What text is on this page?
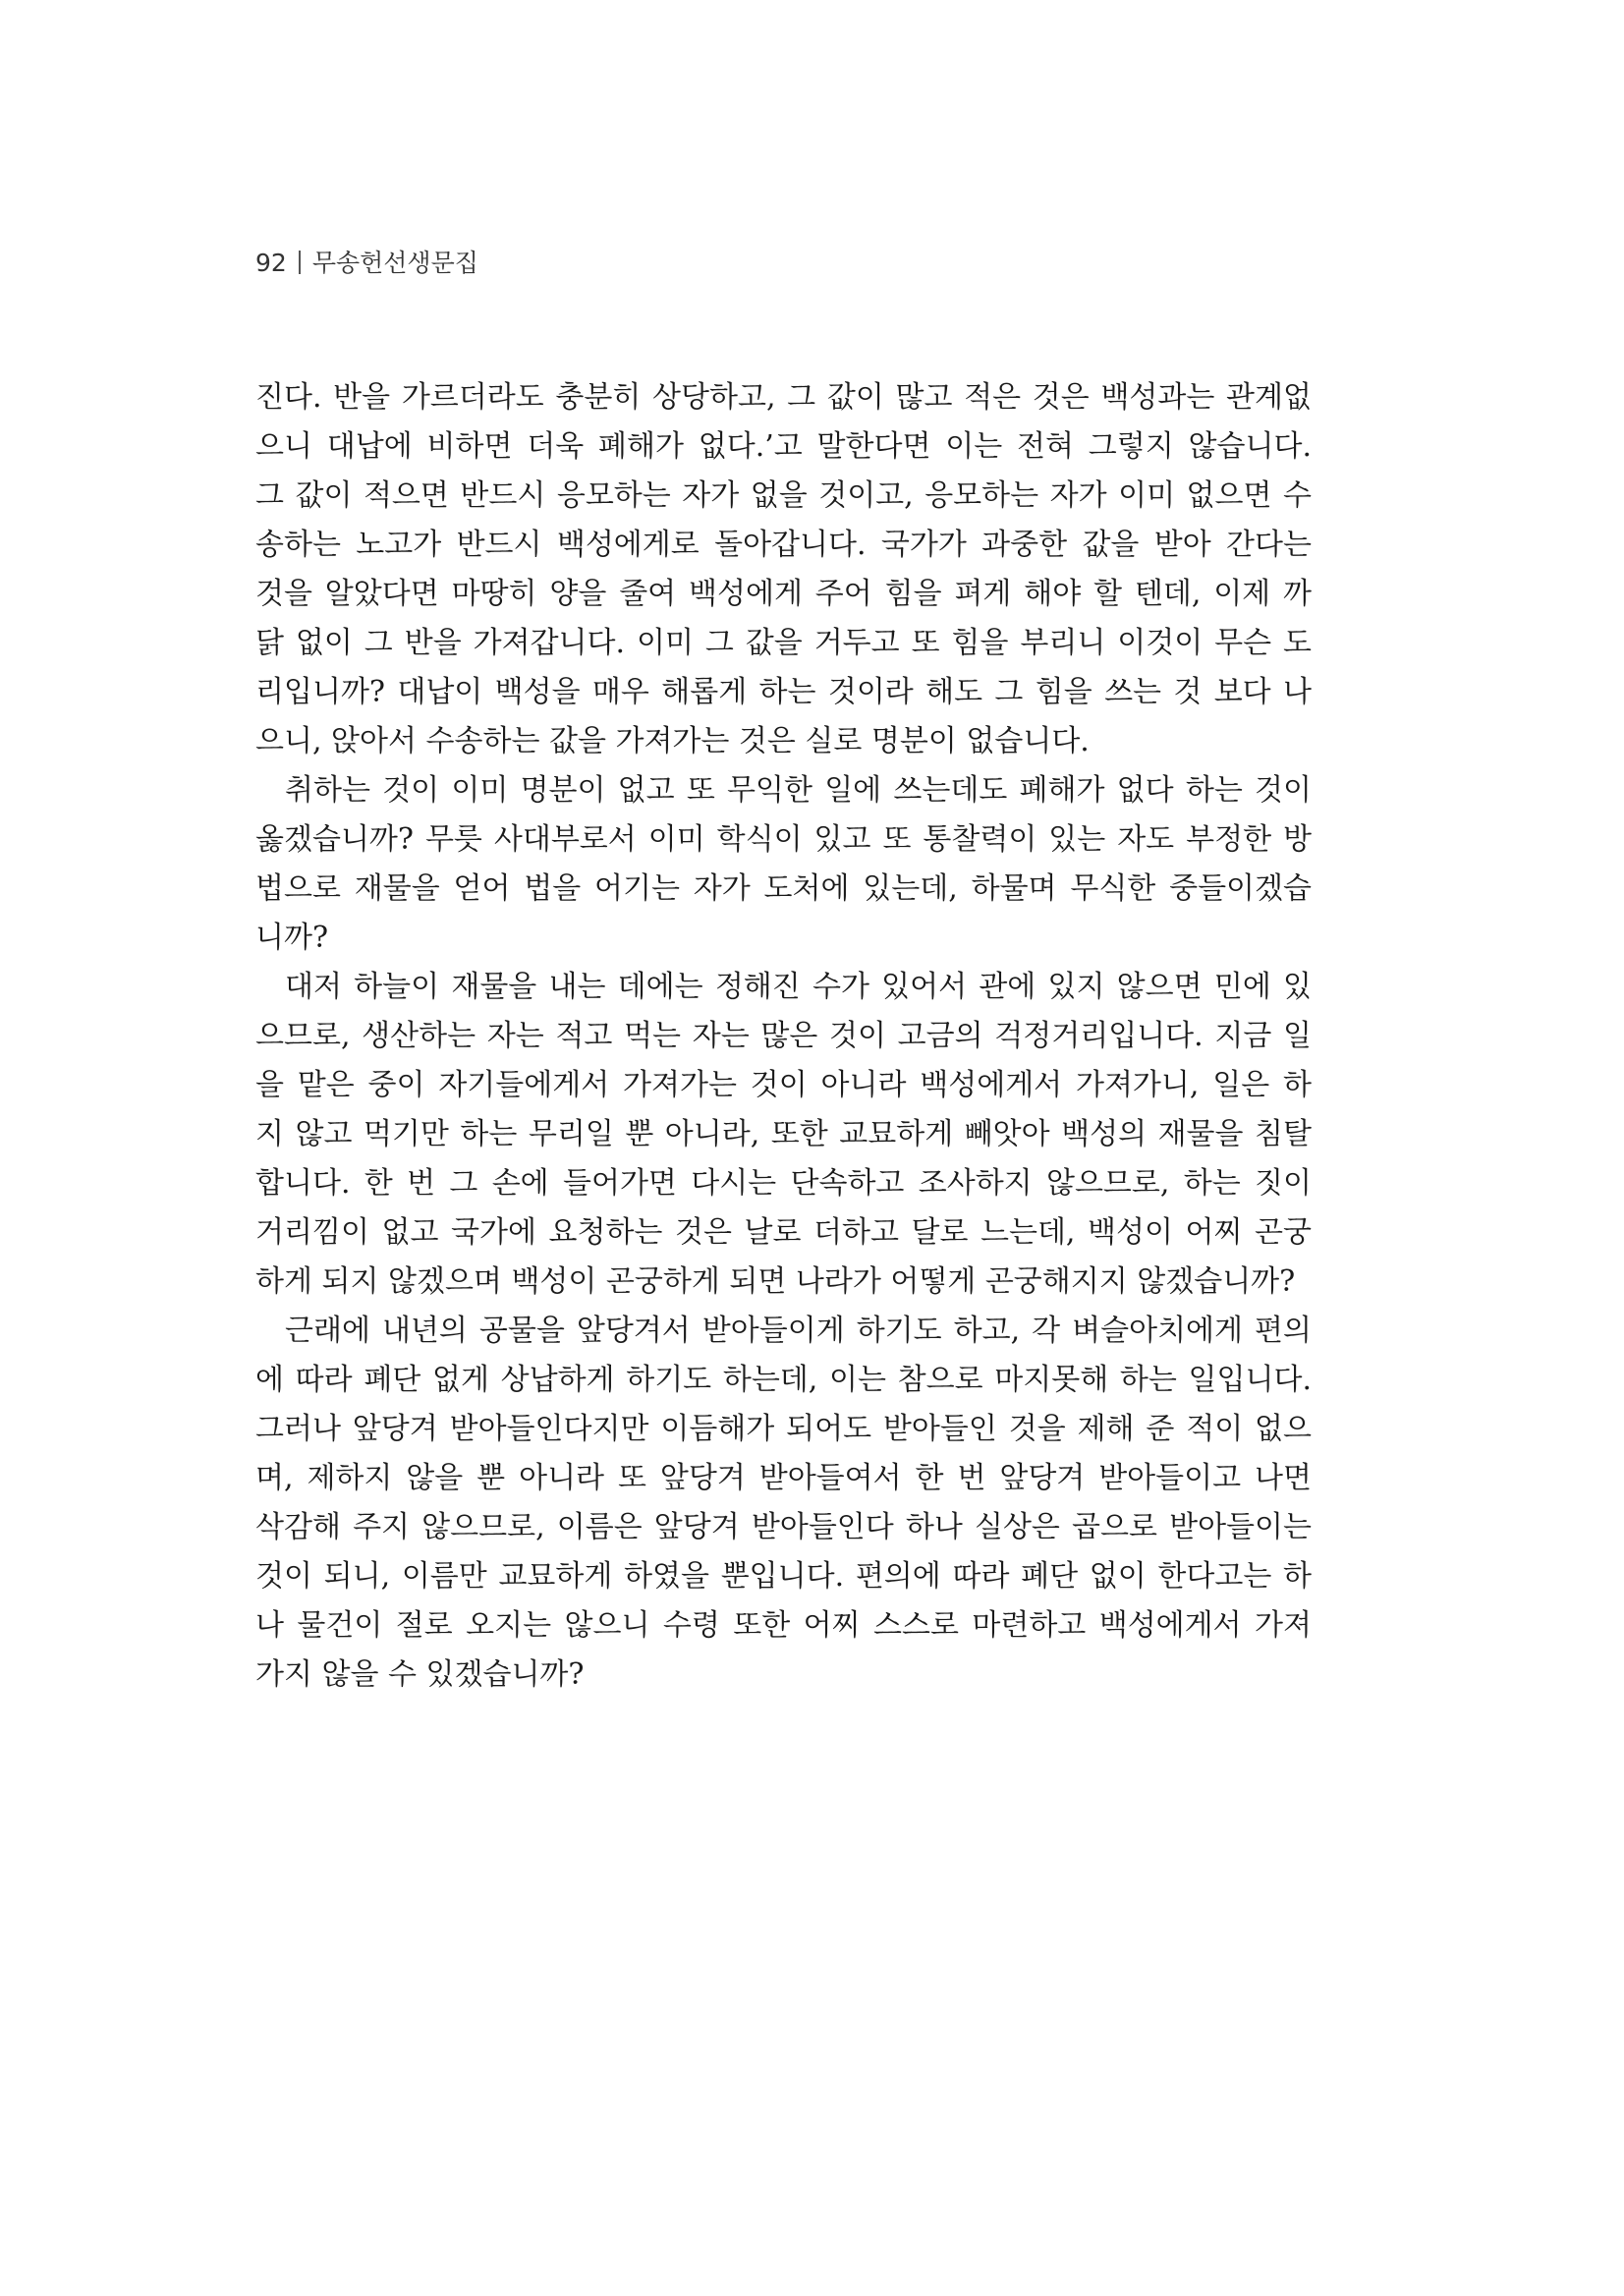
92 무송헌선생문집
진다. 반을 가르더라도 충분히 상당하고, 그 값이 많고 적은 것은 백성과는 관계없
으니 대납에 비하면 더욱 폐해가 없다.’고 말한다면 이는 전혀 그렇지 않습니다.
그 값이 적으면 반드시 응모하는 자가 없을 것이고, 응모하는 자가 이미 없으면 수
송하는 노고가 반드시 백성에게로 돌아갑니다. 국가가 과중한 값을 받아 간다는
것을 알았다면 마땅히 양을 줄여 백성에게 주어 힘을 펴게 해야 할 텐데, 이제 까
닭 없이 그 반을 가져갑니다. 이미 그 값을 거두고 또 힘을 부리니 이것이 무슨 도
리입니까? 대납이 백성을 매우 해롭게 하는 것이라 해도 그 힘을 쓰는 것 보다 나
으니, 앉아서 수송하는 값을 가져가는 것은 실로 명분이 없습니다.
취하는 것이 이미 명분이 없고 또 무익한 일에 쓰는데도 폐해가 없다 하는 것이
옳겠습니까? 무릇 사대부로서 이미 학식이 있고 또 통찰력이 있는 자도 부정한 방
법으로 재물을 얻어 법을 어기는 자가 도처에 있는데, 하물며 무식한 중들이겠습
니까?
대저 하늘이 재물을 내는 데에는 정해진 수가 있어서 관에 있지 않으면 민에 있
으므로, 생산하는 자는 적고 먹는 자는 많은 것이 고금의 걱정거리입니다. 지금 일
을 맡은 중이 자기들에게서 가져가는 것이 아니라 백성에게서 가져가니, 일은 하
지 않고 먹기만 하는 무리일 뿐 아니라, 또한 교묘하게 빼앗아 백성의 재물을 침탈
합니다. 한 번 그 손에 들어가면 다시는 단속하고 조사하지 않으므로, 하는 짓이
거리낌이 없고 국가에 요청하는 것은 날로 더하고 달로 느는데, 백성이 어찌 곤궁
하게 되지 않겠으며 백성이 곤궁하게 되면 나라가 어떻게 곤궁해지지 않겠습니까?
근래에 내년의 공물을 앞당겨서 받아들이게 하기도 하고, 각 벼슬아치에게 편의
에 따라 폐단 없게 상납하게 하기도 하는데, 이는 참으로 마지못해 하는 일입니다.
그러나 앞당겨 받아들인다지만 이듬해가 되어도 받아들인 것을 제해 준 적이 없으
며, 제하지 않을 뿐 아니라 또 앞당겨 받아들여서 한 번 앞당겨 받아들이고 나면
삭감해 주지 않으므로, 이름은 앞당겨 받아들인다 하나 실상은 곱으로 받아들이는
것이 되니, 이름만 교묘하게 하였을 뿐입니다. 편의에 따라 폐단 없이 한다고는 하
나 물건이 절로 오지는 않으니 수령 또한 어찌 스스로 마련하고 백성에게서 가져
가지 않을 수 있겠습니까?
